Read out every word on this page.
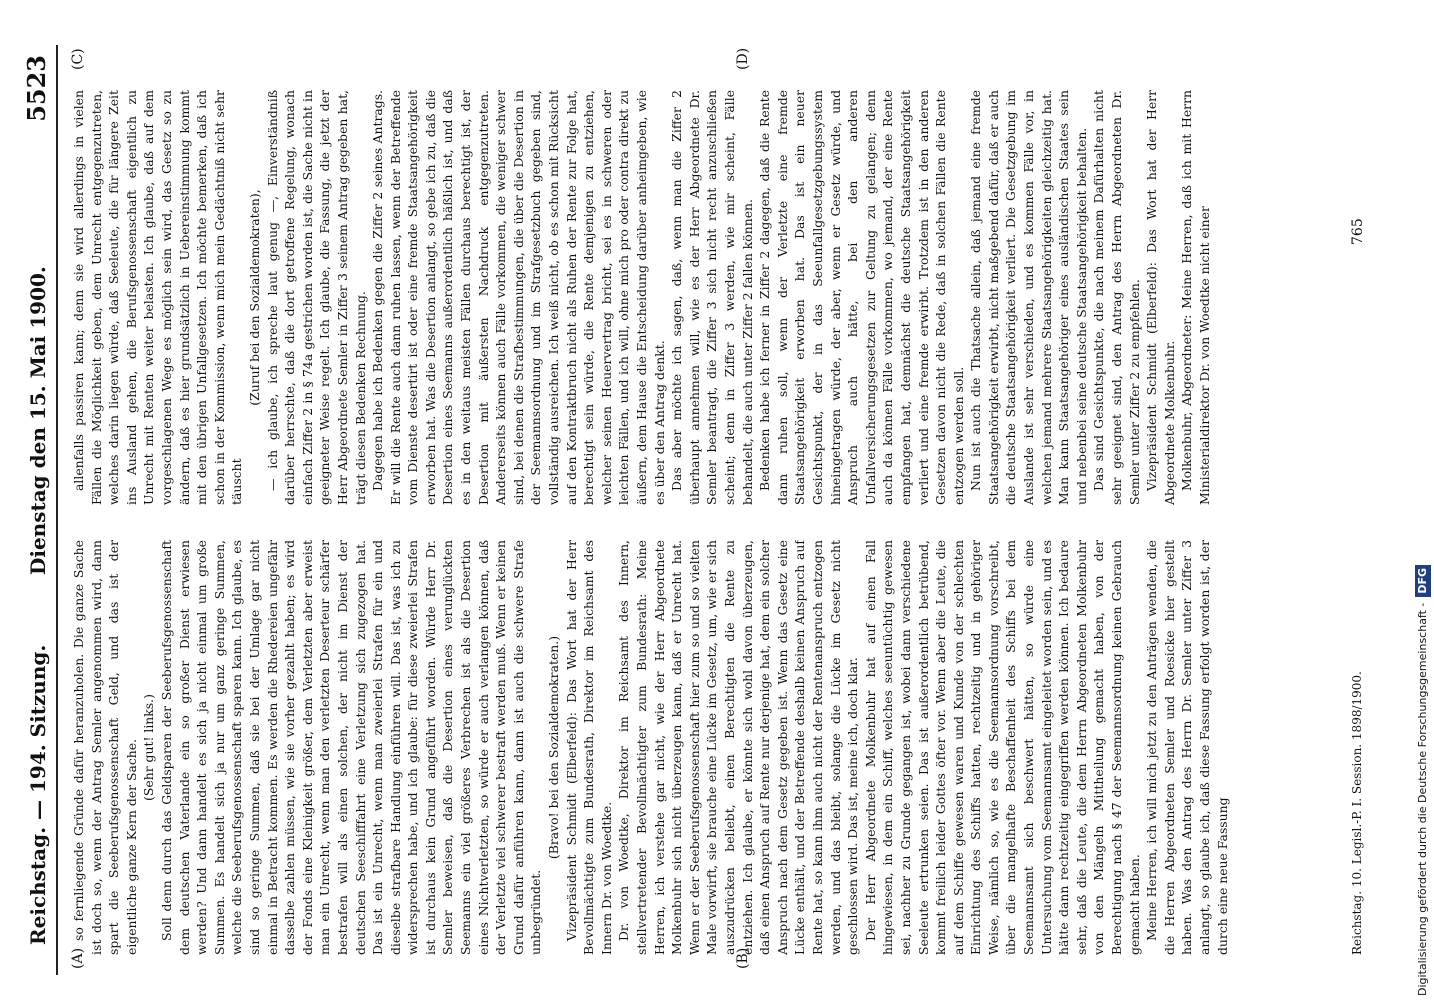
Reichstag. — 194. Sitzung.
Dienstag den 15. Mai 1900.
5523
(A)	(B)
(C)	(D)

so fernliegende Gründe dafür heranzuholen. Die ganze Sache ist doch so, wenn der Antrag Semler angenommen wird, dann spart die Seeberufsgenossenschaft Geld, und das ist der eigentliche ganze Kern der Sache. (Sehr gut! links.) Soll denn durch das Geldsparen der Seeberufsgenossenschaft dem deutschen Vaterlande ein so großer Dienst erwiesen werden? Und dann handelt es sich ja nicht einmal um große Summen. Es handelt sich ja nur um ganz geringe Summen, welche die Seeberufsgenossenschaft sparen kann. Ich glaube, es sind so geringe Summen, daß sie bei der Umlage gar nicht einmal in Betracht kommen. Es werden die Rhedereien ungefähr dasselbe zahlen müssen, wie sie vorher gezahlt haben; es wird der Fonds eine Kleinigkeit größer, dem Verletzten aber erweist man ein Unrecht, wenn man den verletzten Deserteur schärfer bestrafen will als einen solchen, der nicht im Dienst der deutschen Seeschifffahrt eine Verletzung sich zugezogen hat. Das ist ein Unrecht, wenn man zweierlei Strafen für ein und dieselbe strafbare Handlung einführen will. Das ist, was ich zu widersprechen habe, und ich glaube: für diese zweierlei Strafen ist durchaus kein Grund angeführt worden. Würde Herr Dr. Semler beweisen, daß die Desertion eines verunglückten Seemanns ein viel größeres Verbrechen ist als die Desertion eines Nichtverletzten, so würde er auch verlangen können, daß der Verletzte viel schwerer bestraft werden muß. Wenn er keinen Grund dafür anführen kann, dann ist auch die schwere Strafe unbegründet.

(Bravo! bei den Sozialdemokraten.) Vizepräsident Schmidt (Elberfeld): Das Wort hat der Herr Bevollmächtigte zum Bundesrath, Direktor im Reichsamt des Innern Dr. von Woedtke. Dr. von Woedtke, Direktor im Reichsamt des Innern, stellvertretender Bevollmächtigter zum Bundesrath: Meine Herren, ich verstehe gar nicht, wie der Herr Abgeordnete Molkenbuhr sich nicht überzeugen kann, daß er Unrecht hat. Wenn er der Seeberufsgenossenschaft hier zum so und so vielten Male vorwirft, sie brauche eine Lücke im Gesetz, um, wie er sich auszudrücken beliebt, einen Berechtigten die Rente zu entziehen. Ich glaube, er könnte sich wohl davon überzeugen, daß einen Anspruch auf Rente nur derjenige hat, dem ein solcher Anspruch nach dem Gesetz gegeben ist. Wenn das Gesetz eine Lücke enthält, und der Betreffende deshalb keinen Anspruch auf Rente hat, so kann ihm auch nicht der Rentenanspruch entzogen werden, und das bleibt, solange die Lücke im Gesetz nicht geschlossen wird. Das ist, meine ich, doch klar. Der Herr Abgeordnete Molkenbuhr hat auf einen Fall hingewiesen, in dem ein Schiff, welches seeuntüchtig gewesen sei, nachher zu Grunde gegangen ist, wobei dann verschiedene Seeleute ertrunken seien. Das ist außerordentlich betrübend, kommt freilich leider Gottes öfter vor. Wenn aber die Leute, die auf dem Schiffe gewesen waren und Kunde von der schlechten Einrichtung des Schiffs hatten, rechtzeitig und in gehöriger Weise, nämlich so, wie es die Seemannsordnung vorschreibt, über die mangelhafte Beschaffenheit des Schiffs bei dem Seemannsamt sich beschwert hätten, so würde eine Untersuchung vom Seemannsamt eingeleitet worden sein, und es hätte dann rechtzeitig eingegriffen werden können. Ich bedaure sehr, daß die Leute, die dem Herrn Abgeordneten Molkenbuhr von den Mängeln Mittheilung gemacht haben, von der Berechtigung nach § 47 der Seemannsordnung keinen Gebrauch gemacht haben. Meine Herren, ich will mich jetzt zu den Anträgen wenden, die die Herren Abgeordneten Semler und Roesicke hier gestellt haben. Was den Antrag des Herrn Dr. Semler unter Ziffer 3 anlangt, so glaube ich, daß diese Fassung erfolgt worden ist, der durch eine neue Fassung

allenfalls passiren kann; denn sie wird allerdings in vielen Fällen die Möglichkeit geben, dem Unrecht entgegenzutreten, welches darin liegen würde, daß Seeleute, die für längere Zeit ins Ausland gehen, die Berufsgenossenschaft eigentlich zu Unrecht mit Renten weiter belasten. Ich glaube, daß auf dem vorgeschlagenen Wege es möglich sein wird, das Gesetz so zu ändern, daß es hier grundsätzlich in Uebereinstimmung kommt mit den übrigen Unfallgesetzen. Ich möchte bemerken, daß ich schon in der Kommission, wenn mich mein Gedächtniß nicht sehr täuscht

(Zuruf bei den Sozialdemokraten), — ich glaube, ich spreche laut genug —, Einverständniß darüber herrschte, daß die dort getroffene Regelung, wonach einfach Ziffer 2 in § 74a gestrichen worden ist, die Sache nicht in geeigneter Weise regelt. Ich glaube, die Fassung, die jetzt der Herr Abgeordnete Semler in Ziffer 3 seinem Antrag gegeben hat, trägt diesen Bedenken Rechnung. Dagegen habe ich Bedenken gegen die Ziffer 2 seines Antrags. Er will die Rente auch dann ruhen lassen, wenn der Betreffende vom Dienste desertirt ist oder eine fremde Staatsangehörigkeit erworben hat. Was die Desertion anlangt, so gebe ich zu, daß die Desertion eines Seemanns außerordentlich häßlich ist, und daß es in den weitaus meisten Fällen durchaus berechtigt ist, der Desertion mit äußersten Nachdruck entgegenzutreten. Andererseits können auch Fälle vorkommen, die weniger schwer sind, bei denen die Strafbestimmungen, die über die Desertion in der Seemannsordnung und im Strafgesetzbuch gegeben sind, vollständig ausreichen. Ich weiß nicht, ob es schon mit Rücksicht auf den Kontraktbruch nicht als Ruhen der Rente zur Folge hat, berechtigt sein würde, die Rente demjenigen zu entziehen, welcher seinen Heuervertrag bricht, sei es in schweren oder leichten Fällen, und ich will, ohne mich pro oder contra direkt zu äußern, dem Hause die Entscheidung darüber anheimgeben, wie es über den Antrag denkt. Das aber möchte ich sagen, daß, wenn man die Ziffer 2 überhaupt annehmen will, wie es der Herr Abgeordnete Dr. Semler beantragt, die Ziffer 3 sich nicht recht anzuschließen scheint; denn in Ziffer 3 werden, wie mir scheint, Fälle behandelt, die auch unter Ziffer 2 fallen können. Bedenken habe ich ferner in Ziffer 2 dagegen, daß die Rente dann ruhen soll, wenn der Verletzte eine fremde Staatsangehörigkeit erworben hat. Das ist ein neuer Gesichtspunkt, der in das Seeunfallgesetzgebungssystem hineingetragen würde, der aber, wenn er Gesetz würde, und Anspruch auch hätte, bei den anderen Unfallversicherungsgesetzen zur Geltung zu gelangen; denn auch da können Fälle vorkommen, wo jemand, der eine Rente empfangen hat, demnächst die deutsche Staatsangehörigkeit verliert und eine fremde erwirbt. Trotzdem ist in den anderen Gesetzen davon nicht die Rede, daß in solchen Fällen die Rente entzogen werden soll. Nun ist auch die Thatsache allein, daß jemand eine fremde Staatsangehörigkeit erwirbt, nicht maßgebend dafür, daß er auch die deutsche Staatsangehörigkeit verliert. Die Gesetzgebung im Auslande ist sehr verschieden, und es kommen Fälle vor, in welchen jemand mehrere Staatsangehörigkeiten gleichzeitig hat. Man kann Staatsangehöriger eines ausländischen Staates sein und nebenbei seine deutsche Staatsangehörigkeit behalten. Das sind Gesichtspunkte, die nach meinem Dafürhalten nicht sehr geeignet sind, den Antrag des Herrn Abgeordneten Dr. Semler unter Ziffer 2 zu empfehlen. Vizepräsident Schmidt (Elberfeld): Das Wort hat der Herr Abgeordnete Molkenbuhr. Molkenbuhr, Abgeordneter: Meine Herren, daß ich mit Herrn Ministerialdirektor Dr. von Woedtke nicht einer

Reichstag. 10. Legisl.-P. I. Session. 1898/1900.
765
Digitalisierung gefördert durch die Deutsche Forschungsgemeinschaft -DFG
